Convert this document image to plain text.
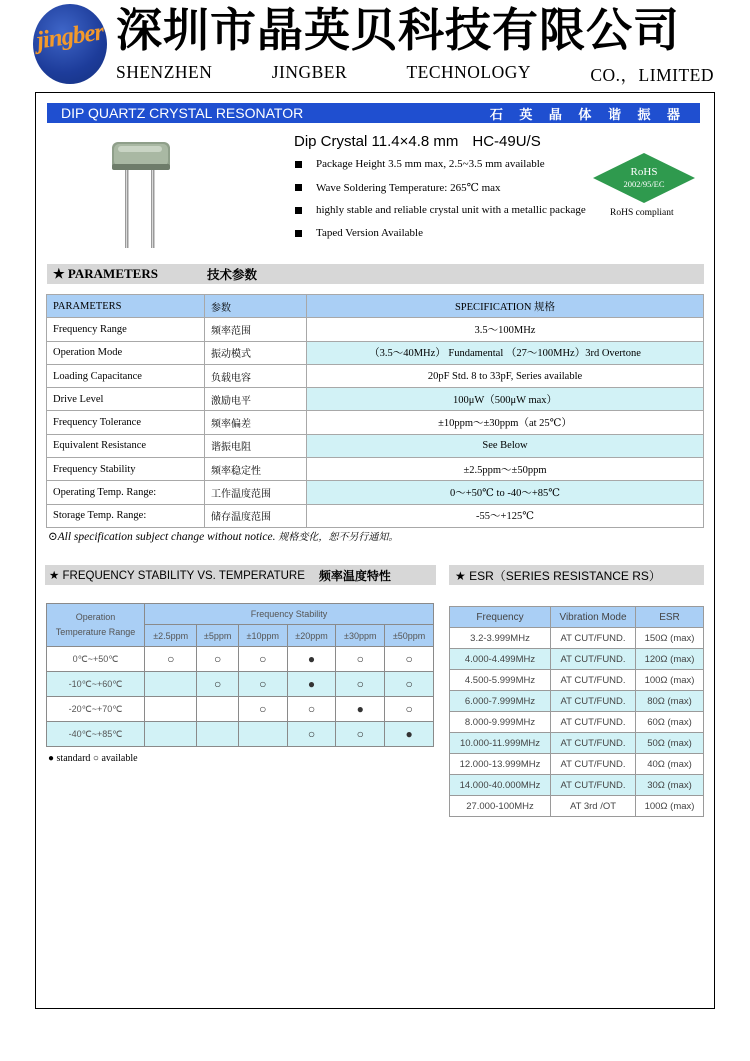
jingber 深圳市晶英贝科技有限公司
SHENZHEN	JINGBER	TECHNOLOGY	CO.，LIMITED
DIP QUARTZ CRYSTAL RESONATOR	石 英 晶 体 谐 振 器
Dip Crystal 11.4×4.8 mm HC-49U/S
Package Height 3.5 mm max, 2.5~3.5 mm available
Wave Soldering Temperature: 265℃ max
highly stable and reliable crystal unit with a metallic package
Taped Version Available
RoHS
2002/95/EC
RoHS compliant
★ PARAMETERS	技术参数
PARAMETERS	参数	SPECIFICATION 规格
Frequency Range	频率范围	3.5～100MHz
Operation Mode	振动模式	（3.5～40MHz） Fundamental （27～100MHz）3rd Overtone
Loading Capacitance	负载电容	20pF Std. 8 to 33pF, Series available
Drive Level	激励电平	100μW（500μW max）
Frequency Tolerance	频率偏差	±10ppm～±30ppm（at 25℃）
Equivalent Resistance	谐振电阻	See Below
Frequency Stability	频率稳定性	±2.5ppm～±50ppm
Operating Temp. Range:	工作温度范围	0～+50℃ to -40～+85℃
Storage Temp. Range:	储存温度范围	-55～+125℃
⊙All specification subject change without notice. 规格变化，恕不另行通知。
★ FREQUENCY STABILITY VS. TEMPERATURE 频率温度特性	★ ESR（SERIES RESISTANCE RS）
Operation
Temperature Range	Frequency Stability					
	±2.5ppm	±5ppm	±10ppm	±20ppm	±30ppm	±50ppm
0℃~+50℃	○	○	○	●	○	○
-10℃~+60℃		○	○	●	○	○
-20℃~+70℃			○	○	●	○
-40℃~+85℃				○	○	●
● standard ○ available
Frequency	Vibration Mode	ESR
3.2-3.999MHz	AT CUT/FUND.	150Ω (max)
4.000-4.499MHz	AT CUT/FUND.	120Ω (max)
4.500-5.999MHz	AT CUT/FUND.	100Ω (max)
6.000-7.999MHz	AT CUT/FUND.	80Ω (max)
8.000-9.999MHz	AT CUT/FUND.	60Ω (max)
10.000-11.999MHz	AT CUT/FUND.	50Ω (max)
12.000-13.999MHz	AT CUT/FUND.	40Ω (max)
14.000-40.000MHz	AT CUT/FUND.	30Ω (max)
27.000-100MHz	AT 3rd /OT	100Ω (max)
